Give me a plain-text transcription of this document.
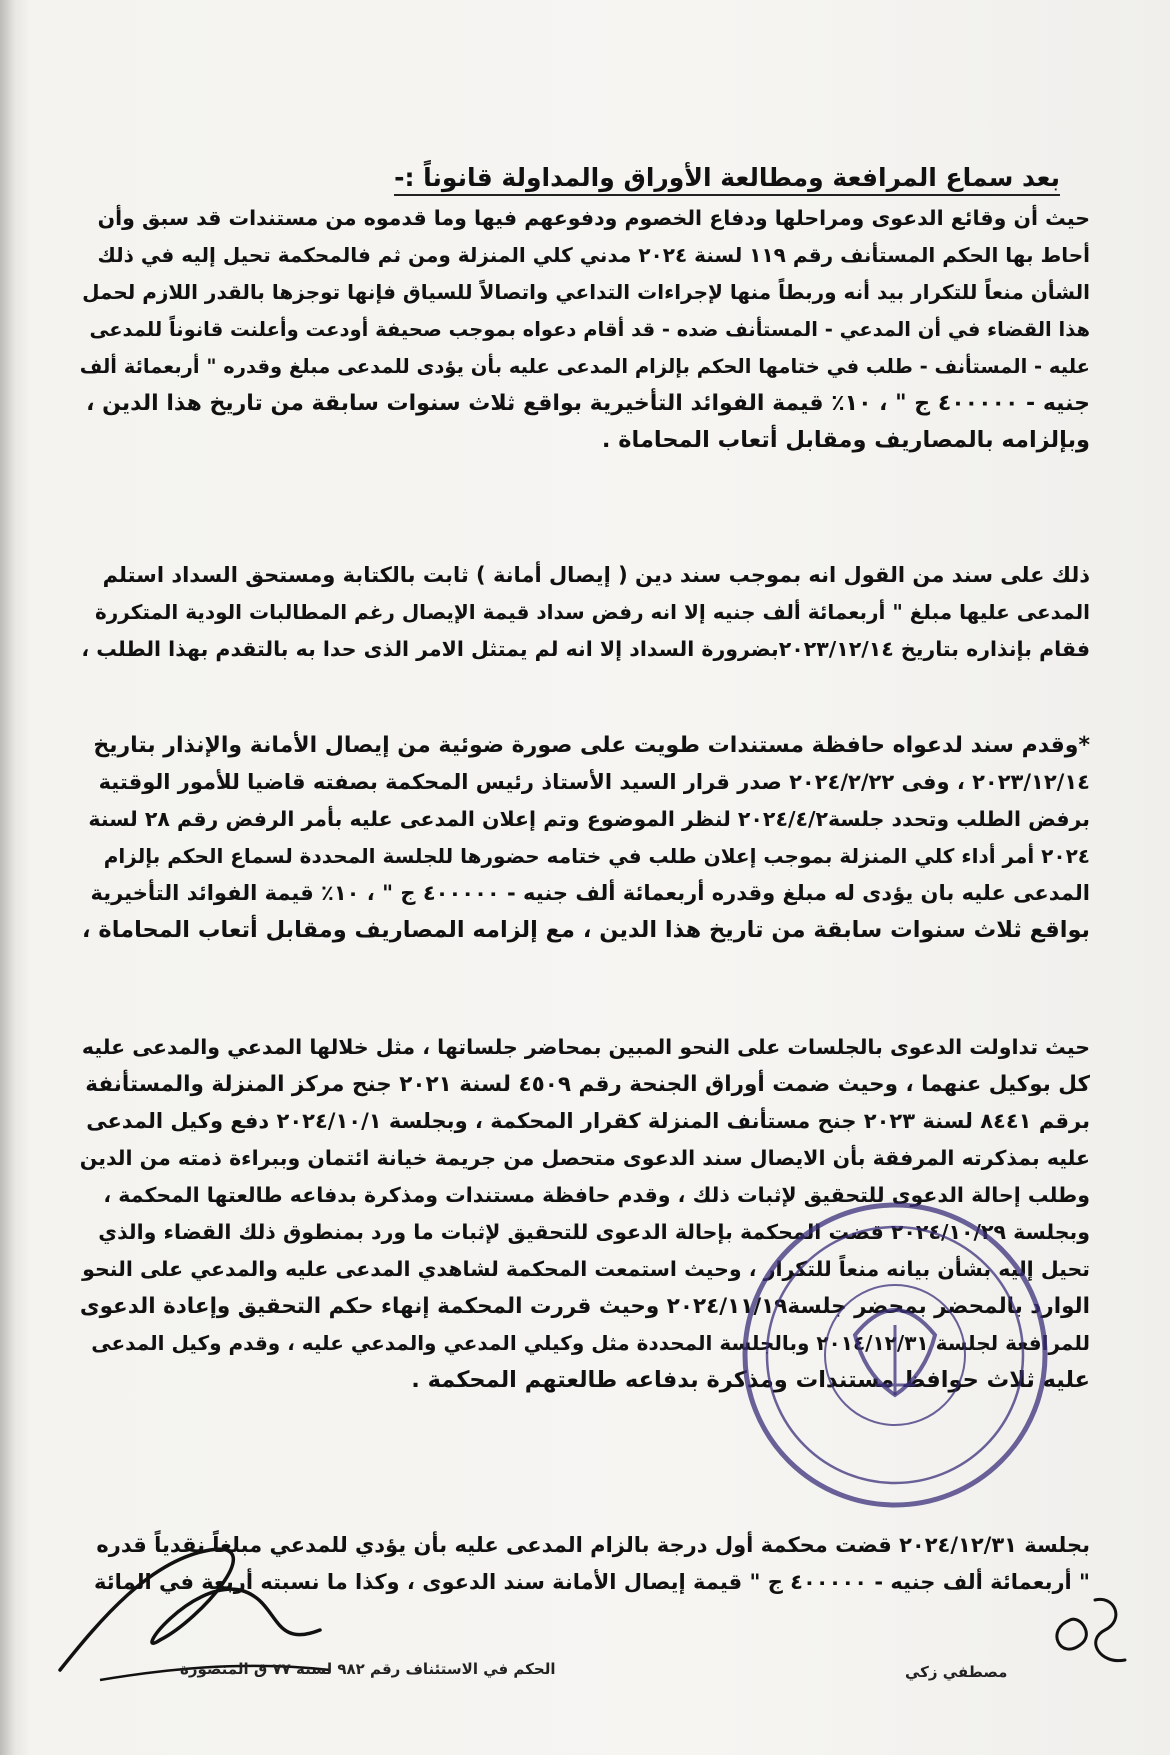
بعد سماع المرافعة ومطالعة الأوراق والمداولة قانوناً :-
حيث أن وقائع الدعوى ومراحلها ودفاع الخصوم ودفوعهم فيها وما قدموه من مستندات قد سبق وأن
أحاط بها الحكم المستأنف رقم ١١٩ لسنة ٢٠٢٤ مدني كلي المنزلة ومن ثم فالمحكمة تحيل إليه في ذلك
الشأن منعاً للتكرار بيد أنه وربطاً منها لإجراءات التداعي واتصالاً للسياق فإنها توجزها بالقدر اللازم لحمل
هذا القضاء في أن المدعي - المستأنف ضده - قد أقام دعواه بموجب صحيفة أودعت وأعلنت قانوناً للمدعى
عليه - المستأنف - طلب في ختامها الحكم بإلزام المدعى عليه بأن يؤدى للمدعى مبلغ وقدره " أربعمائة ألف
جنيه - ٤٠٠٠٠٠ ج " ، ١٠٪ قيمة الفوائد التأخيرية بواقع ثلاث سنوات سابقة من تاريخ هذا الدين ،
وبإلزامه بالمصاريف ومقابل أتعاب المحاماة .
ذلك على سند من القول انه بموجب سند دين ( إيصال أمانة ) ثابت بالكتابة ومستحق السداد استلم
المدعى عليها مبلغ " أربعمائة ألف جنيه إلا انه رفض سداد قيمة الإيصال رغم المطالبات الودية المتكررة
فقام بإنذاره بتاريخ ٢٠٢٣/١٢/١٤بضرورة السداد إلا انه لم يمتثل الامر الذى حدا به بالتقدم بهذا الطلب ،
*وقدم سند لدعواه حافظة مستندات طويت على صورة ضوئية من إيصال الأمانة والإنذار بتاريخ
٢٠٢٣/١٢/١٤ ، وفى ٢٠٢٤/٢/٢٢ صدر قرار السيد الأستاذ رئيس المحكمة بصفته قاضيا للأمور الوقتية
برفض الطلب وتحدد جلسة٢٠٢٤/٤/٢ لنظر الموضوع وتم إعلان المدعى عليه بأمر الرفض رقم ٢٨ لسنة
٢٠٢٤ أمر أداء كلي المنزلة بموجب إعلان طلب في ختامه حضورها للجلسة المحددة لسماع الحكم بإلزام
المدعى عليه بان يؤدى له مبلغ وقدره أربعمائة ألف جنيه - ٤٠٠٠٠٠ ج " ، ١٠٪ قيمة الفوائد التأخيرية
بواقع ثلاث سنوات سابقة من تاريخ هذا الدين ، مع إلزامه المصاريف ومقابل أتعاب المحاماة ،
حيث تداولت الدعوى بالجلسات على النحو المبين بمحاضر جلساتها ، مثل خلالها المدعي والمدعى عليه
كل بوكيل عنهما ، وحيث ضمت أوراق الجنحة رقم ٤٥٠٩ لسنة ٢٠٢١ جنح مركز المنزلة والمستأنفة
برقم ٨٤٤١ لسنة ٢٠٢٣ جنح مستأنف المنزلة كقرار المحكمة ، وبجلسة ٢٠٢٤/١٠/١ دفع وكيل المدعى
عليه بمذكرته المرفقة بأن الايصال سند الدعوى متحصل من جريمة خيانة ائتمان وببراءة ذمته من الدين
وطلب إحالة الدعوى للتحقيق لإثبات ذلك ، وقدم حافظة مستندات ومذكرة بدفاعه طالعتها المحكمة ،
وبجلسة ٢٠٢٤/١٠/٢٩ قضت المحكمة بإحالة الدعوى للتحقيق لإثبات ما ورد بمنطوق ذلك القضاء والذي
تحيل إليه بشأن بيانه منعاً للتكرار ، وحيث استمعت المحكمة لشاهدي المدعى عليه والمدعي على النحو
الوارد بالمحضر بمحضر جلسة٢٠٢٤/١١/١٩ وحيث قررت المحكمة إنهاء حكم التحقيق وإعادة الدعوى
للمرافعة لجلسة ٢٠١٤/١٢/٣١ وبالجلسة المحددة مثل وكيلي المدعي والمدعي عليه ، وقدم وكيل المدعى
عليه ثلاث حوافظ مستندات ومذكرة بدفاعه طالعتهم المحكمة .
بجلسة ٢٠٢٤/١٢/٣١ قضت محكمة أول درجة بالزام المدعى عليه بأن يؤدي للمدعي مبلغاً نقدياً قدره
" أربعمائة ألف جنيه - ٤٠٠٠٠٠ ج " قيمة إيصال الأمانة سند الدعوى ، وكذا ما نسبته أربعة في المائة
الحكم في الاستئناف رقم ٩٨٢ لسنة ٧٧ ق المنصورة	مصطفي زكي
